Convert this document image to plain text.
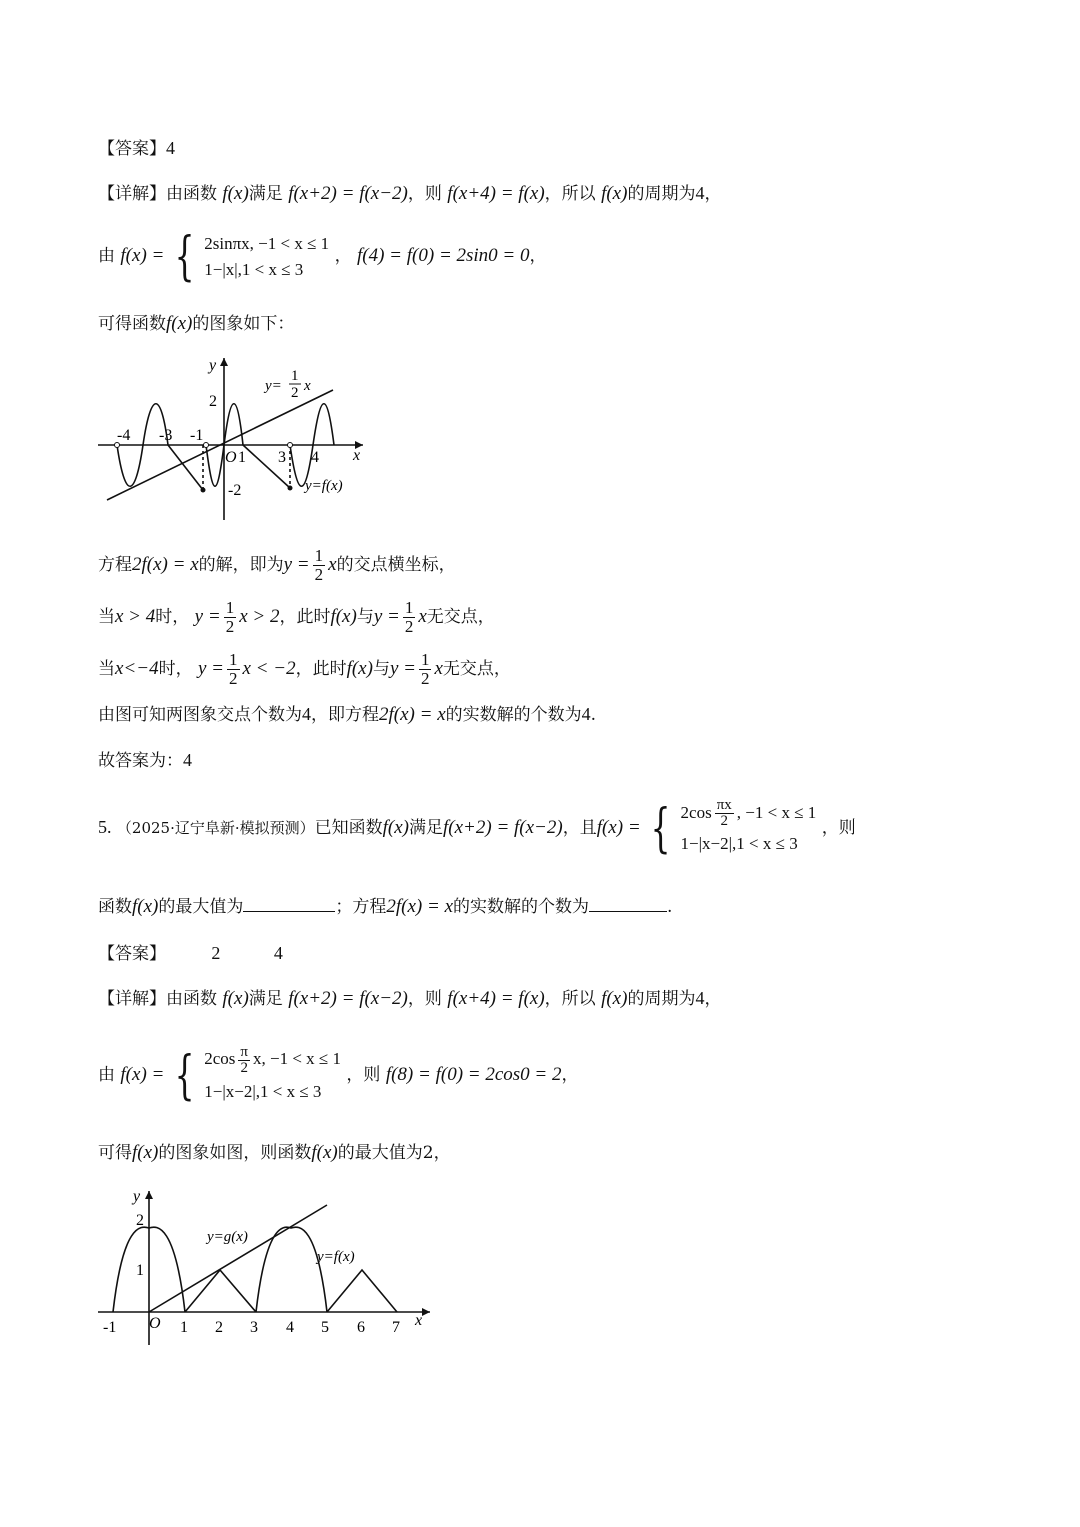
【答案】4
【详解】由函数 f(x)满足 f(x+2) = f(x−2)，则 f(x+4) = f(x)，所以 f(x)的周期为4，
由 f(x) = { 2sinπx, −1 < x ≤ 1
1−|x|,1 < x ≤ 3
， f(4) = f(0) = 2sin0 = 0，
可得函数f(x)的图象如下：
y
x
O
-4 -3 -1
1 3 4
2
-2
y=
1
2 x
y=f(x)
方程2f(x) = x的解，即为$y = \frac{1}{2}$ x的交点横坐标，
当x > 4时， $y = \frac{1}{2}$ x > 2，此时f(x)与$y = \frac{1}{2}$ x无交点，
当x<−4时， $y = \frac{1}{2}$ x < −2，此时f(x)与$y = \frac{1}{2}$ x无交点，
由图可知两图象交点个数为4，即方程2f(x) = x的实数解的个数为4.
故答案为：4
5. （2025·辽宁阜新·模拟预测）已知函数f(x)满足f(x+2) = f(x−2)，且f(x) = { $2\cos \frac{\pi x}{2}$ , −1 < x ≤ 1
1−|x−2|,1 < x ≤ 3
，则
函数f(x)的最大值为	；方程2f(x) = x的实数解的个数为	.
【答案】	2	4
【详解】由函数 f(x)满足 f(x+2) = f(x−2)，则 f(x+4) = f(x)，所以 f(x)的周期为4，
由 f(x) = { $2\cos \frac{\pi}{2} x$, −1 < x ≤ 1
1−|x−2|,1 < x ≤ 3
，则 f(8) = f(0) = 2cos0 = 2，
可得f(x)的图象如图，则函数f(x)的最大值为2，
y
x
O
-1	1 2 3 4 5 6 7
2
1
y=g(x)
y=f(x)
